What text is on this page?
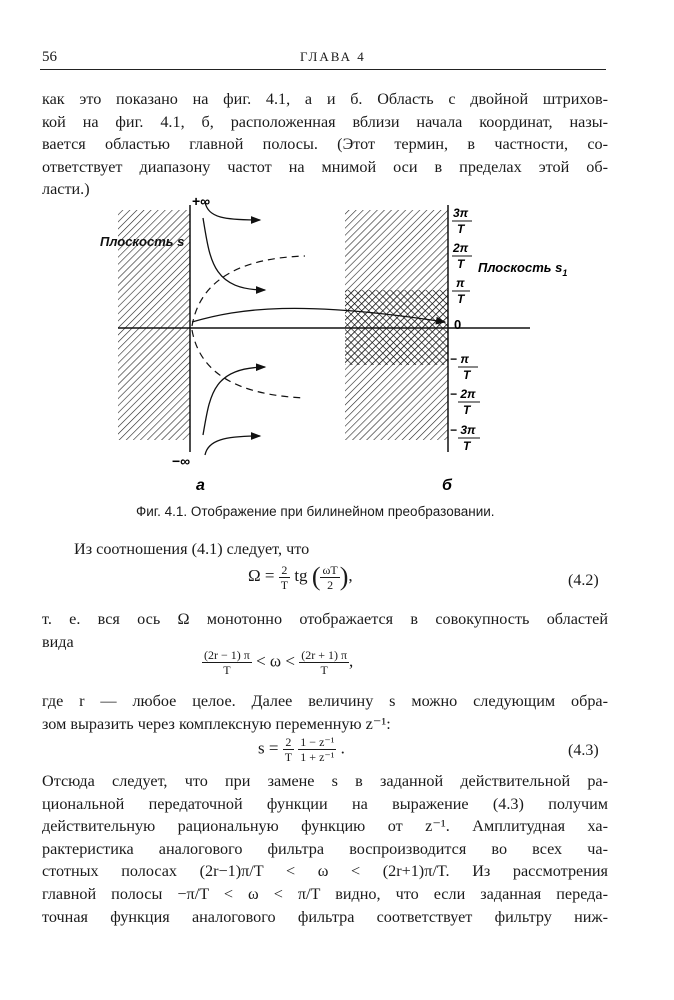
56	ГЛАВА 4
как это показано на фиг. 4.1, а и б. Область с двойной штрихов-
кой на фиг. 4.1, б, расположенная вблизи начала координат, назы-
вается областью главной полосы. (Этот термин, в частности, со-
ответствует диапазону частот на мнимой оси в пределах этой об-
ласти.)
+∞
−∞
Плоскость s
Плоскость $s_1$
0
3π
T
2π
T
π
T
− π
T
− 2π
T
− 3π
T
а	б
Фиг. 4.1. Отображение при билинейном преобразовании.
Из соотношения (4.1) следует, что
$\Omega = \frac{2}{T}$ tg ( $\frac{\omega T}{2}$ ),	(4.2)
т. е. вся ось Ω монотонно отображается в совокупность областей
вида
$\frac{(2r - 1) \pi}{T} < \omega < \frac{(2r + 1) \pi}{T}$ ,
где r — любое целое. Далее величину s можно следующим обра-
зом выразить через комплексную переменную z⁻¹:
$s = \frac{2}{T}$
$\frac{\text{1 − z⁻¹}}{\text{1 + z⁻¹}}$ .	(4.3)
Отсюда следует, что при замене s в заданной действительной ра-
циональной передаточной функции на выражение (4.3) получим
действительную рациональную функцию от z⁻¹. Амплитудная ха-
рактеристика аналогового фильтра воспроизводится во всех ча-
стотных полосах (2r−1)π/T < ω < (2r+1)π/T. Из рассмотрения
главной полосы −π/T < ω < π/T видно, что если заданная переда-
точная функция аналогового фильтра соответствует фильтру ниж-
